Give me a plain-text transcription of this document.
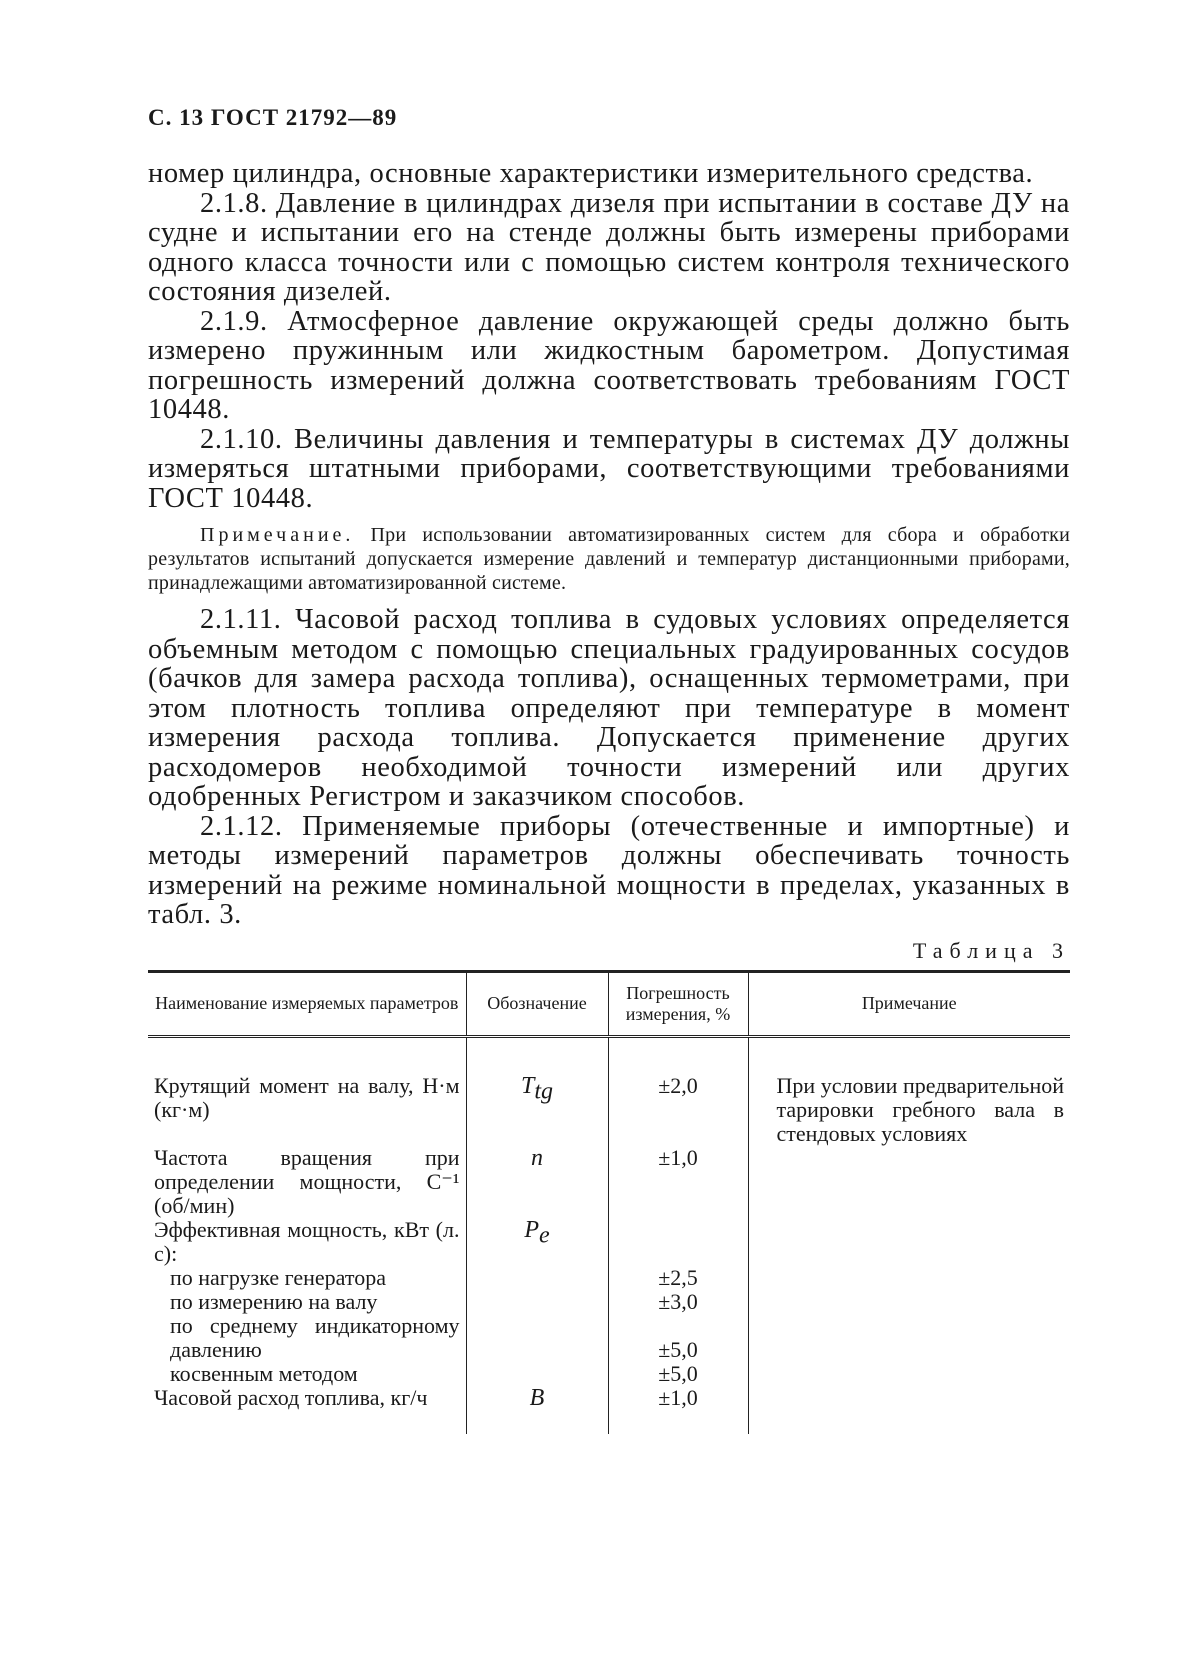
С. 13 ГОСТ 21792—89

номер цилиндра, основные характеристики измерительного средства.

2.1.8. Давление в цилиндрах дизеля при испытании в составе ДУ на судне и испытании его на стенде должны быть измерены приборами одного класса точности или с помощью систем контроля технического состояния дизелей.

2.1.9. Атмосферное давление окружающей среды должно быть измерено пружинным или жидкостным барометром. Допустимая погрешность измерений должна соответствовать требованиям ГОСТ 10448.

2.1.10. Величины давления и температуры в системах ДУ должны измеряться штатными приборами, соответствующими требованиями ГОСТ 10448.

Примечание. При использовании автоматизированных систем для сбора и обработки результатов испытаний допускается измерение давлений и температур дистанционными приборами, принадлежащими автоматизированной системе.

2.1.11. Часовой расход топлива в судовых условиях определяется объемным методом с помощью специальных градуированных сосудов (бачков для замера расхода топлива), оснащенных термометрами, при этом плотность топлива определяют при температуре в момент измерения расхода топлива. Допускается применение других расходомеров необходимой точности измерений или других одобренных Регистром и заказчиком способов.

2.1.12. Применяемые приборы (отечественные и импортные) и методы измерений параметров должны обеспечивать точность измерений на режиме номинальной мощности в пределах, указанных в табл. 3.

Таблица 3
Наименование измеряемых параметров	Обозначение	Погрешность измерения, %	Примечание
Крутящий момент на валу, Н·м (кг·м)	$T_{tg}$	±2,0	При условии предварительной тарировки гребного вала в стендовых условиях

Частота вращения при определении мощности, С⁻¹ (об/мин)	n	±1,0	
Эффективная мощность, кВт (л. с):	$P_e$	
по нагрузке генератора		±2,5	
по измерению на валу		±3,0	
по среднему индикаторному давлению		±5,0	
косвенным методом		±5,0	
Часовой расход топлива, кг/ч	B	±1,0	
